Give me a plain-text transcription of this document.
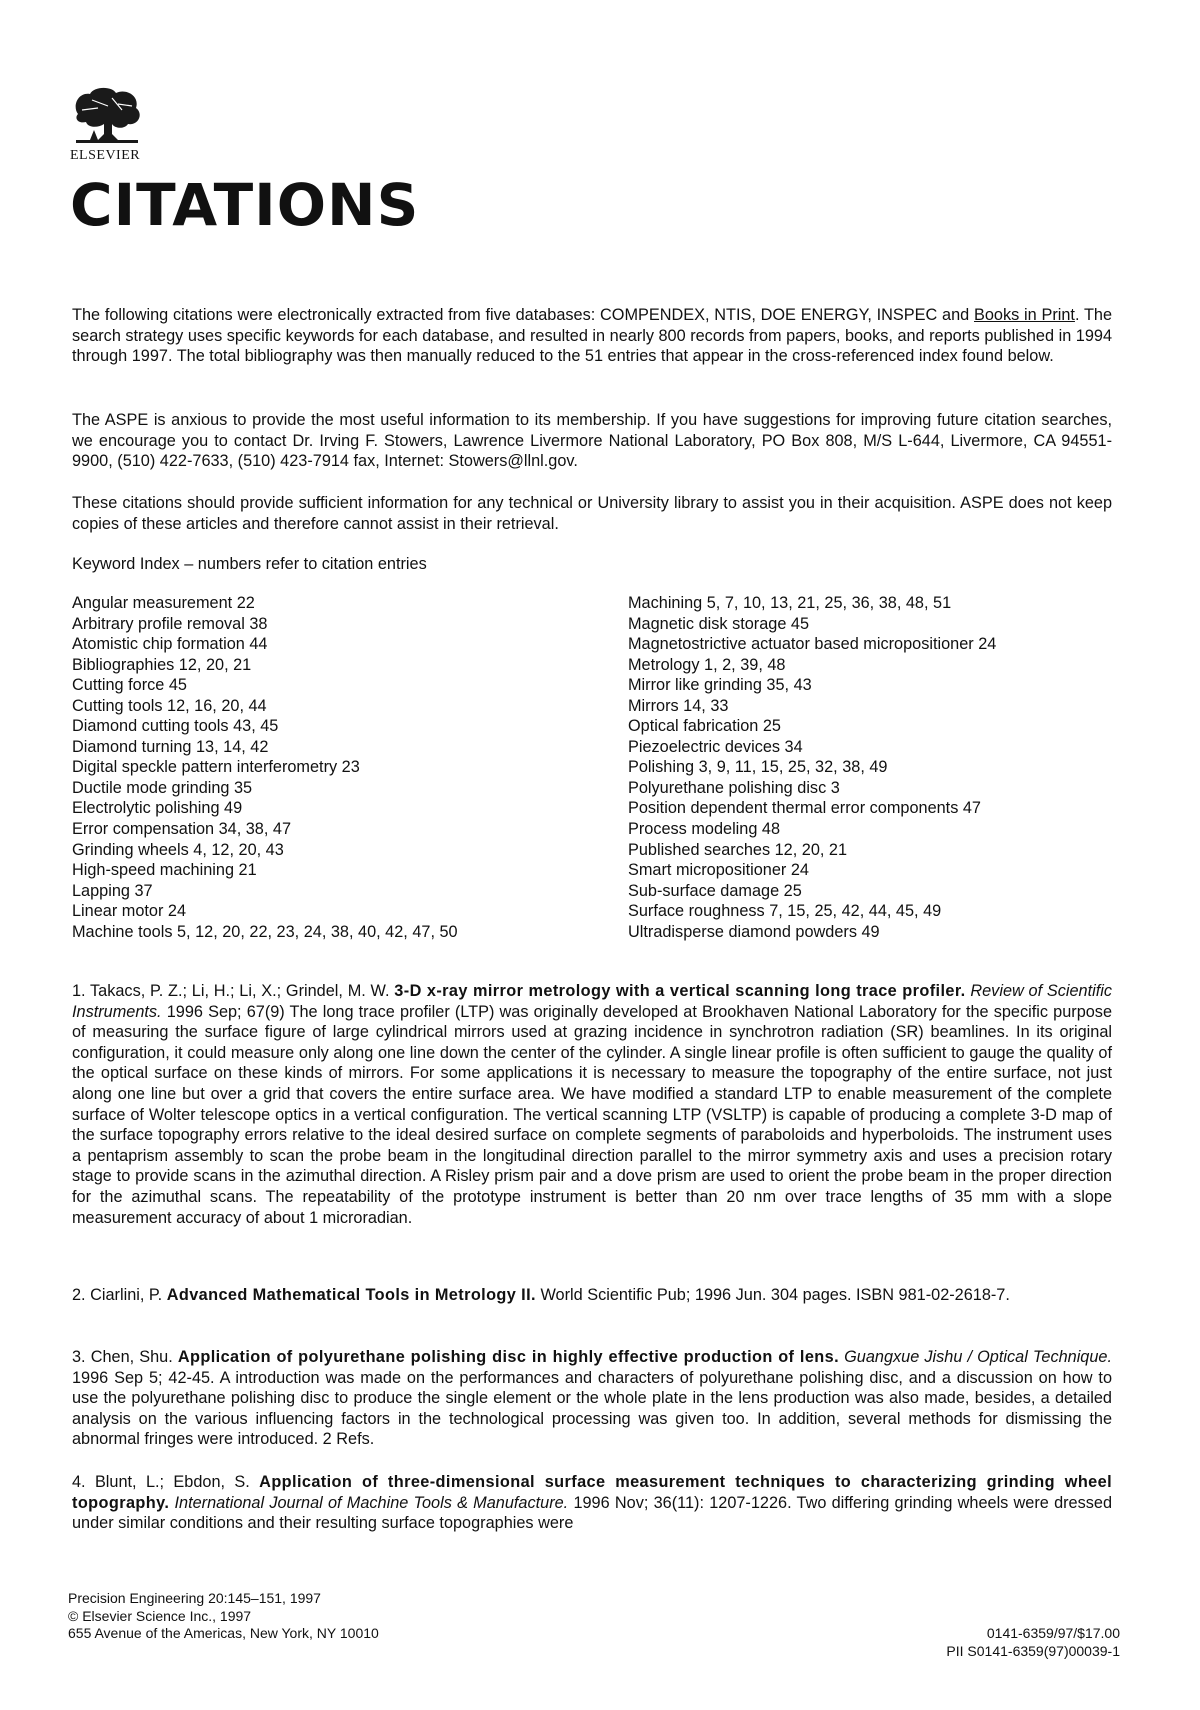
ELSEVIER
CITATIONS
The following citations were electronically extracted from five databases: COMPENDEX, NTIS, DOE ENERGY, INSPEC and Books in Print. The search strategy uses specific keywords for each database, and resulted in nearly 800 records from papers, books, and reports published in 1994 through 1997. The total bibliography was then manually reduced to the 51 entries that appear in the cross-referenced index found below.
The ASPE is anxious to provide the most useful information to its membership. If you have suggestions for improving future citation searches, we encourage you to contact Dr. Irving F. Stowers, Lawrence Livermore National Laboratory, PO Box 808, M/S L-644, Livermore, CA 94551-9900, (510) 422-7633, (510) 423-7914 fax, Internet: Stowers@llnl.gov.
These citations should provide sufficient information for any technical or University library to assist you in their acquisition. ASPE does not keep copies of these articles and therefore cannot assist in their retrieval.
Keyword Index – numbers refer to citation entries
Angular measurement 22
Arbitrary profile removal 38
Atomistic chip formation 44
Bibliographies 12, 20, 21
Cutting force 45
Cutting tools 12, 16, 20, 44
Diamond cutting tools 43, 45
Diamond turning 13, 14, 42
Digital speckle pattern interferometry 23
Ductile mode grinding 35
Electrolytic polishing 49
Error compensation 34, 38, 47
Grinding wheels 4, 12, 20, 43
High-speed machining 21
Lapping 37
Linear motor 24
Machine tools 5, 12, 20, 22, 23, 24, 38, 40, 42, 47, 50
Machining 5, 7, 10, 13, 21, 25, 36, 38, 48, 51
Magnetic disk storage 45
Magnetostrictive actuator based micropositioner 24
Metrology 1, 2, 39, 48
Mirror like grinding 35, 43
Mirrors 14, 33
Optical fabrication 25
Piezoelectric devices 34
Polishing 3, 9, 11, 15, 25, 32, 38, 49
Polyurethane polishing disc 3
Position dependent thermal error components 47
Process modeling 48
Published searches 12, 20, 21
Smart micropositioner 24
Sub-surface damage 25
Surface roughness 7, 15, 25, 42, 44, 45, 49
Ultradisperse diamond powders 49
1. Takacs, P. Z.; Li, H.; Li, X.; Grindel, M. W. 3-D x-ray mirror metrology with a vertical scanning long trace profiler. Review of Scientific Instruments. 1996 Sep; 67(9) The long trace profiler (LTP) was originally developed at Brookhaven National Laboratory for the specific purpose of measuring the surface figure of large cylindrical mirrors used at grazing incidence in synchrotron radiation (SR) beamlines. In its original configuration, it could measure only along one line down the center of the cylinder. A single linear profile is often sufficient to gauge the quality of the optical surface on these kinds of mirrors. For some applications it is necessary to measure the topography of the entire surface, not just along one line but over a grid that covers the entire surface area. We have modified a standard LTP to enable measurement of the complete surface of Wolter telescope optics in a vertical configuration. The vertical scanning LTP (VSLTP) is capable of producing a complete 3-D map of the surface topography errors relative to the ideal desired surface on complete segments of paraboloids and hyperboloids. The instrument uses a pentaprism assembly to scan the probe beam in the longitudinal direction parallel to the mirror symmetry axis and uses a precision rotary stage to provide scans in the azimuthal direction. A Risley prism pair and a dove prism are used to orient the probe beam in the proper direction for the azimuthal scans. The repeatability of the prototype instrument is better than 20 nm over trace lengths of 35 mm with a slope measurement accuracy of about 1 microradian.
2. Ciarlini, P. Advanced Mathematical Tools in Metrology II. World Scientific Pub; 1996 Jun. 304 pages. ISBN 981-02-2618-7.
3. Chen, Shu. Application of polyurethane polishing disc in highly effective production of lens. Guangxue Jishu / Optical Technique. 1996 Sep 5; 42-45. A introduction was made on the performances and characters of polyurethane polishing disc, and a discussion on how to use the polyurethane polishing disc to produce the single element or the whole plate in the lens production was also made, besides, a detailed analysis on the various influencing factors in the technological processing was given too. In addition, several methods for dismissing the abnormal fringes were introduced. 2 Refs.
4. Blunt, L.; Ebdon, S. Application of three-dimensional surface measurement techniques to characterizing grinding wheel topography. International Journal of Machine Tools & Manufacture. 1996 Nov; 36(11): 1207-1226. Two differing grinding wheels were dressed under similar conditions and their resulting surface topographies were
Precision Engineering 20:145–151, 1997
© Elsevier Science Inc., 1997
655 Avenue of the Americas, New York, NY 10010	0141-6359/97/$17.00
PII S0141-6359(97)00039-1
